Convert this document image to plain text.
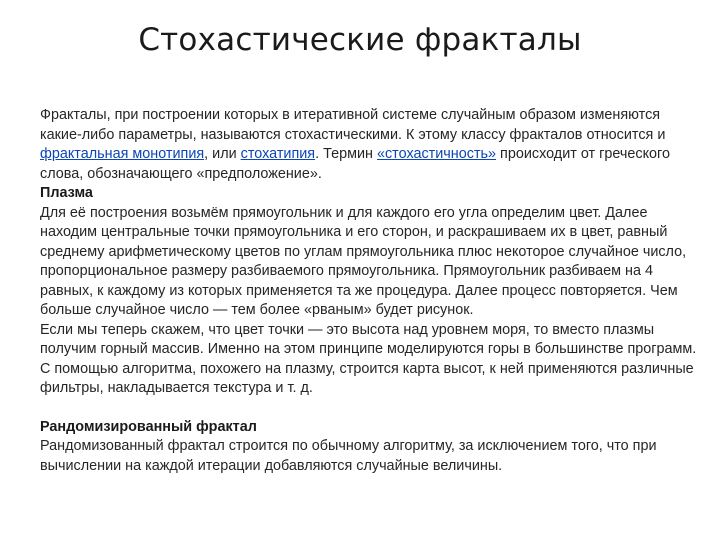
Стохастические фракталы

Фракталы, при построении которых в итеративной системе случайным образом изменяются какие-либо параметры, называются стохастическими. К этому классу фракталов относится и фрактальная монотипия, или стохатипия. Термин «стохастичность» происходит от греческого слова, обозначающего «предположение».

Плазма

Для её построения возьмём прямоугольник и для каждого его угла определим цвет. Далее находим центральные точки прямоугольника и его сторон, и раскрашиваем их в цвет, равный среднему арифметическому цветов по углам прямоугольника плюс некоторое случайное число, пропорциональное размеру разбиваемого прямоугольника. Прямоугольник разбиваем на 4 равных, к каждому из которых применяется та же процедура. Далее процесс повторяется. Чем больше случайное число — тем более «рваным» будет рисунок.

Если мы теперь скажем, что цвет точки — это высота над уровнем моря, то вместо плазмы получим горный массив. Именно на этом принципе моделируются горы в большинстве программ. С помощью алгоритма, похожего на плазму, строится карта высот, к ней применяются различные фильтры, накладывается текстура и т. д.

Рандомизированный фрактал

Рандомизованный фрактал строится по обычному алгоритму, за исключением того, что при вычислении на каждой итерации добавляются случайные величины.
